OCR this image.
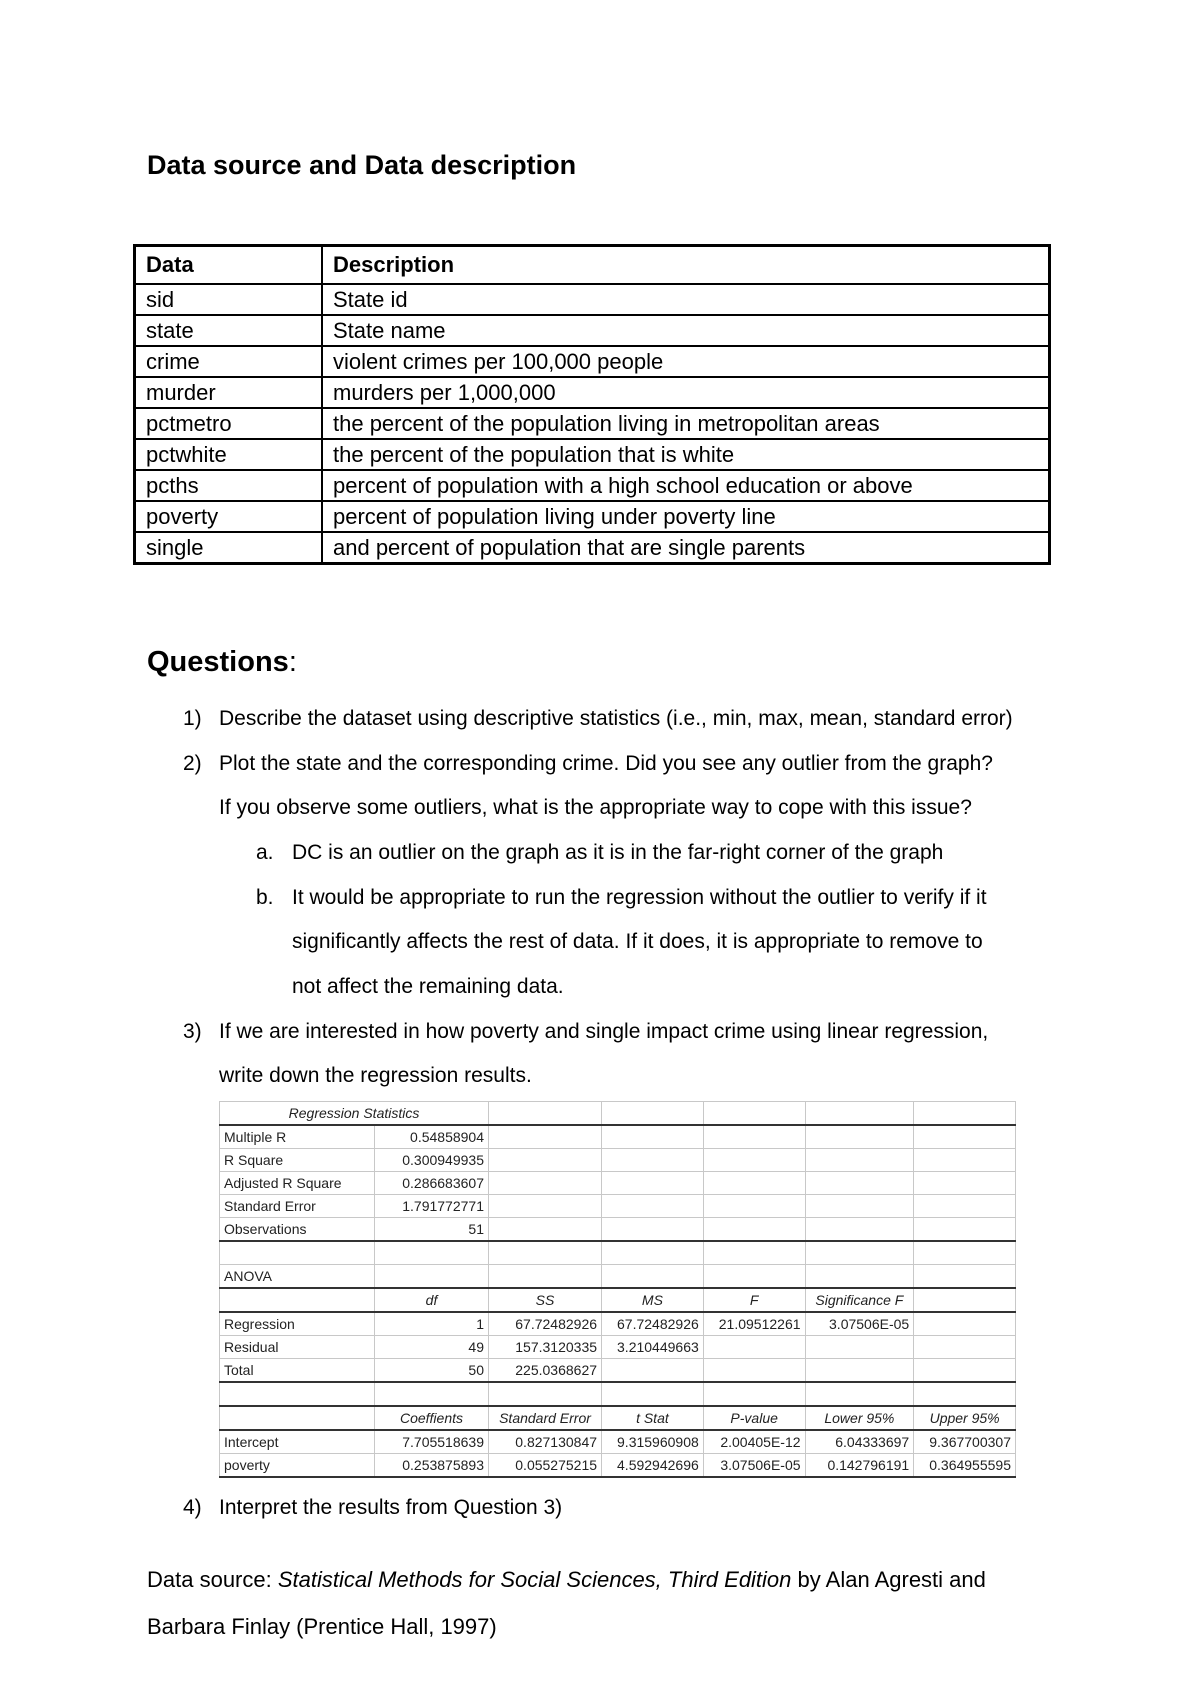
Data source and Data description
Data	Description
sid	State id
state	State name
crime	violent crimes per 100,000 people
murder	murders per 1,000,000
pctmetro	the percent of the population living in metropolitan areas
pctwhite	the percent of the population that is white
pcths	percent of population with a high school education or above
poverty	percent of population living under poverty line
single	and percent of population that are single parents
Questions:
1) Describe the dataset using descriptive statistics (i.e., min, max, mean, standard error)
2) Plot the state and the corresponding crime. Did you see any outlier from the graph?
If you observe some outliers, what is the appropriate way to cope with this issue?
a. DC is an outlier on the graph as it is in the far-right corner of the graph
b. It would be appropriate to run the regression without the outlier to verify if it
significantly affects the rest of data. If it does, it is appropriate to remove to
not affect the remaining data.
3) If we are interested in how poverty and single impact crime using linear regression,
write down the regression results.
Regression Statistics						
Multiple R	0.54858904					
R Square	0.300949935					
Adjusted R Square	0.286683607					
Standard Error	1.791772771					
Observations	51					

ANOVA						
	df	SS	MS	F	Significance F	
Regression	1	67.72482926	67.72482926	21.09512261	3.07506E-05	
Residual	49	157.3120335	3.210449663			
Total	50	225.0368627				

	Coeffients	Standard Error	t Stat	P-value	Lower 95%	Upper 95%
Intercept	7.705518639	0.827130847	9.315960908	2.00405E-12	6.04333697	9.367700307
poverty	0.253875893	0.055275215	4.592942696	3.07506E-05	0.142796191	0.364955595
4) Interpret the results from Question 3)
Data source: Statistical Methods for Social Sciences, Third Edition by Alan Agresti and
Barbara Finlay (Prentice Hall, 1997)
